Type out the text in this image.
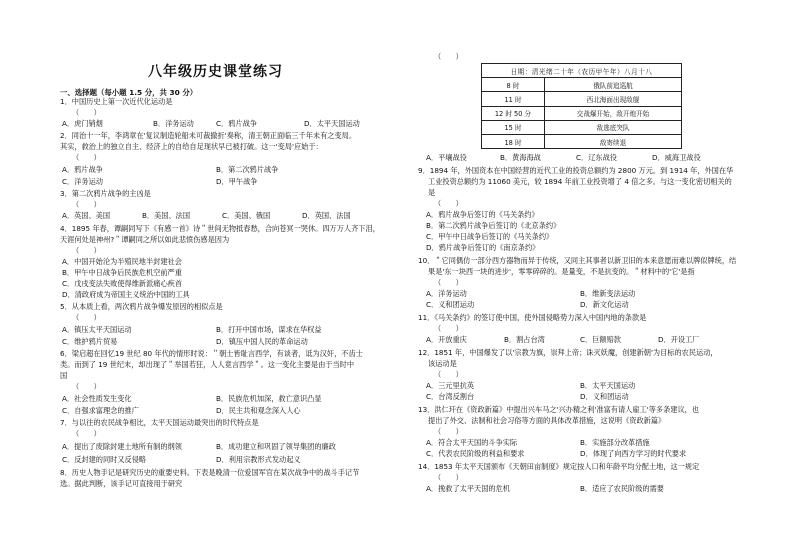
八年级历史课堂练习
一、选择题（每小题 1.5 分，共 30 分）
1．中国历史上第一次近代化运动是
（　　）
A．虎门销烟	B．洋务运动	C．鸦片战争	D．太平天国运动
2．同治十一年，李鸿章在'复议制造轮船未可裁撤折'奏称，清王朝正面临三千年未有之变局。
其实，救治上的独立自主、经济上的自给自足现状早已被打破。这一'变局'应始于：
（　　）
A．鸦片战争	B．第二次鸦片战争
C．洋务运动	D．甲午战争
3．第二次鸦片战争的主凶是
（　　）
A．英国、美国	B．美国、法国	C．美国、俄国	D．英国、法国
4．1895 年春，谭嗣同写下《有感一首》诗＂世间无物抵春愁，合向苍冥一哭休。四万万人齐下泪，
天涯何处是神州?＂谭嗣同之所以如此悲愤伤感是因为
（　　）
A．中国开始沦为半殖民地半封建社会
B．甲午中日战争后民族危机空前严重
C．戊戌变法失败使得维新派痛心疾首
D．清政府成为帝国主义统治中国的工具
5．从本质上看，两次鸦片战争爆发原因的相似点是
（　　）
A．镇压太平天国运动	B．打开中国市场，谋求在华权益
C．维护鸦片贸易	D．镇压中国人民的革命运动
6．梁启超在回忆19 世纪 80 年代的情形时说：＂朝士皆耻言西学，有谈者，诋为汉奸，不齿士
类。而到了 19 世纪末，却出现了＂举国若狂，人人竟言西学＂。这一变化主要是由于当时中
国
（　　）
A．社会性质发生变化	B．民族危机加深，救亡意识凸显
C．自强求富理念的推广	D．民主共和观念深入人心
7．与以往的农民战争相比，太平天国运动最突出的时代特点是
（　　）
A．提出了废除封建土地所有制的纲领	B．成功建立和巩固了领导集团的廉政
C．反封建的同时又反侵略	D．利用宗教形式发动起义
8．历史人物手记是研究历史的重要史料。下表是晚清一位爱国军官在某次战争中的战斗手记节
选。据此判断，该手记可直接用于研究
（　　）
A．平壤战役	B．黄海海战	C．辽东战役	D．威海卫战役
9．1894 年，外国资本在中国经营的近代工业的投资总额约为 2800 万元。到 1914 年，外国在华
工业投资总额约为 11060 美元，较 1894 年前工业投资增了 4 倍之多。与这一变化密切相关的
是
（　　）
A．鸦片战争后签订的《马关条约》
B．第二次鸦片战争后签订的《北京条约》
C．甲午中日战争后签订的《马关条约》
D．鸦片战争后签订的《南京条约》
10．＂它同偶仿一部分西方器物而异于传统，又同主其事者以新卫旧的本来意愿而难以牌似牌统，结
果是'东一块西一块的进步'，零零碎碎的。是量变，不是抗变的。＂材料中的'它'是指
（　　）
A．洋务运动	B．维新变法运动
C．义和团运动	D．新文化运动
11．《马关条约》的签订使中国，使外国侵略势力深入中国内地的条款是
（　　）
A．开放重庆	B．割占台湾	C．巨额赔款	D．开设工厂
12．1851 年，中国爆发了以'宗教为旗，崇拜上帝；诛灭妖魔，创建新朝'为目标的农民运动，
该运动是
（　　）
A．三元里抗英	B．太平天国运动
C．台湾反割台	D．义和团运动
13．洪仁玕在《资政新篇》中提出兴车马之'兴办精之利'准富有请人雇工'等多条建议，也
提出了外交、法制和社会习俗等方面的具体改革措施，这说明《资政新篇》
（　　）
A．符合太平天国的斗争实际	B．实施部分改革措施
C．代表农民阶级的利益和要求	D．体现了向西方学习的时代要求
14．1853 年太平天国颁布《天朝田亩制度》规定按人口和年龄平均分配土地，这一规定
（　　）
A．挽救了太平天国的危机	B．适应了农民阶级的需要
日期：清光绪二十年（农历甲午年）八月十八	
8 时	俄队前追巡航
11 时	西北海面出现敌舰
12 时 50 分	交战爆开始，敌开炮开始
15 时	敌逃底突队
18 时	敌寄续退
